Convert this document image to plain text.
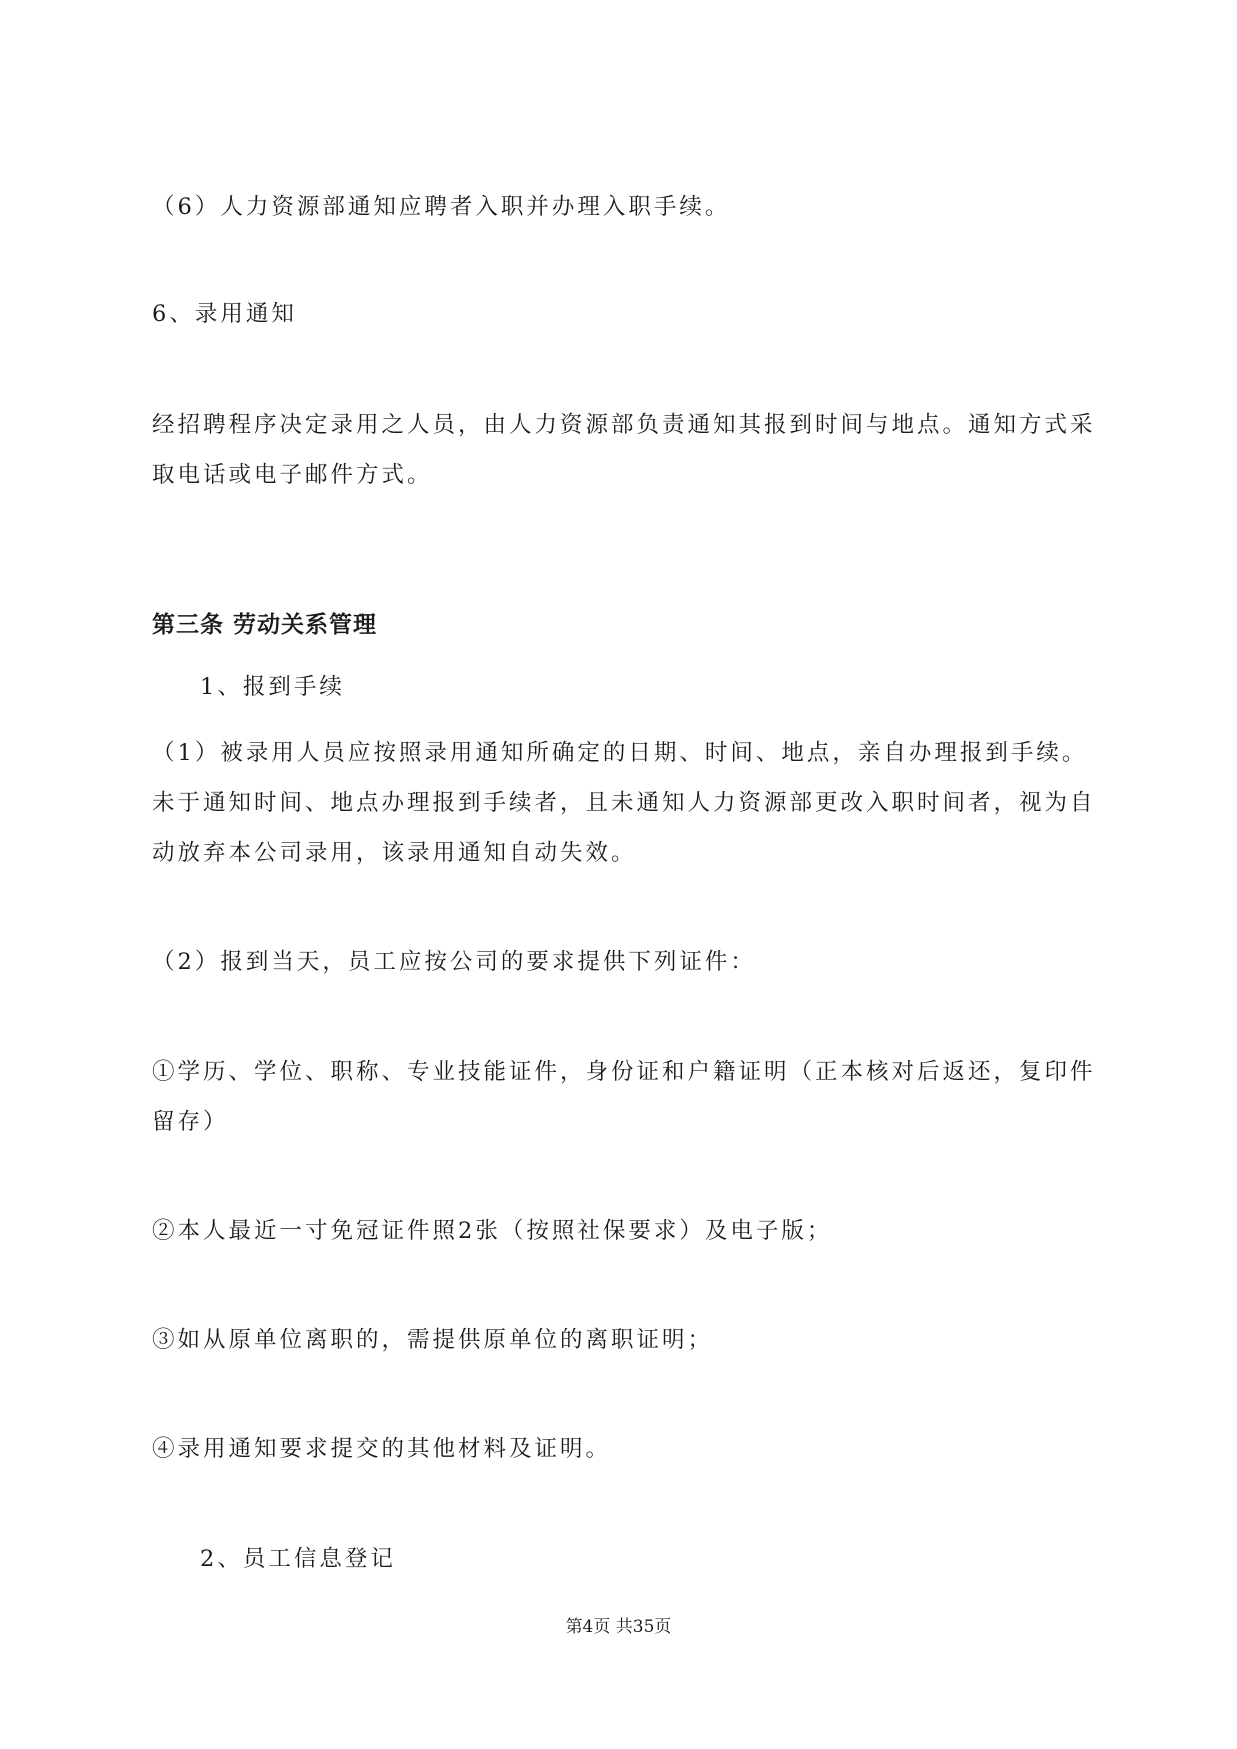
（6）人力资源部通知应聘者入职并办理入职手续。
6、录用通知
经招聘程序决定录用之人员，由人力资源部负责通知其报到时间与地点。通知方式采
取电话或电子邮件方式。
第三条 劳动关系管理
1、报到手续
（1）被录用人员应按照录用通知所确定的日期、时间、地点，亲自办理报到手续。
未于通知时间、地点办理报到手续者，且未通知人力资源部更改入职时间者，视为自
动放弃本公司录用，该录用通知自动失效。
（2）报到当天，员工应按公司的要求提供下列证件：
①学历、学位、职称、专业技能证件，身份证和户籍证明（正本核对后返还，复印件
留存）
②本人最近一寸免冠证件照2张（按照社保要求）及电子版；
③如从原单位离职的，需提供原单位的离职证明；
④录用通知要求提交的其他材料及证明。
2、员工信息登记
第4页 共35页
